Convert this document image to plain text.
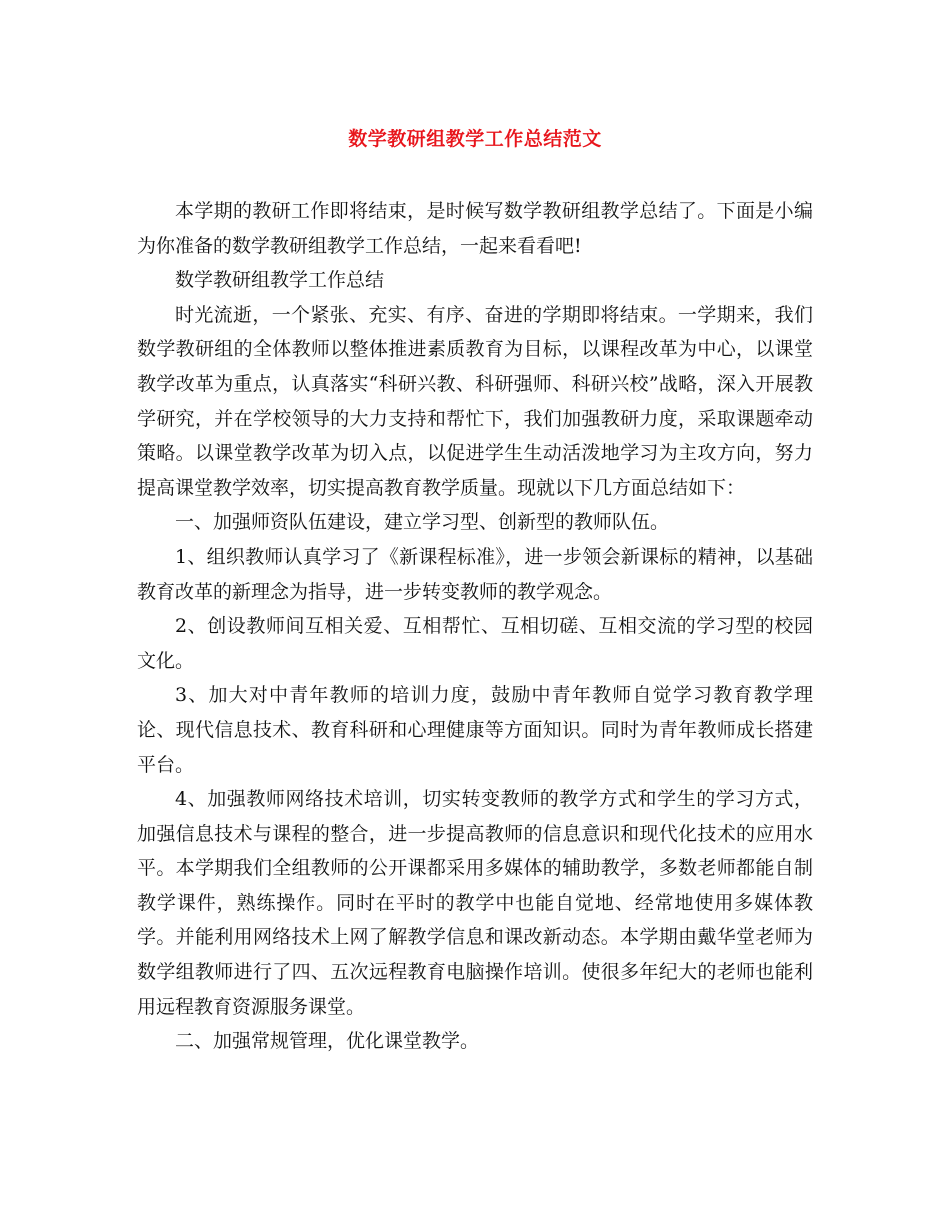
数学教研组教学工作总结范文

本学期的教研工作即将结束，是时候写数学教研组教学总结了。下面是小编为你准备的数学教研组教学工作总结，一起来看看吧!

数学教研组教学工作总结

时光流逝，一个紧张、充实、有序、奋进的学期即将结束。一学期来，我们数学教研组的全体教师以整体推进素质教育为目标，以课程改革为中心，以课堂教学改革为重点，认真落实“科研兴教、科研强师、科研兴校”战略，深入开展教学研究，并在学校领导的大力支持和帮忙下，我们加强教研力度，采取课题牵动策略。以课堂教学改革为切入点，以促进学生生动活泼地学习为主攻方向，努力提高课堂教学效率，切实提高教育教学质量。现就以下几方面总结如下：

一、加强师资队伍建设，建立学习型、创新型的教师队伍。

1、组织教师认真学习了《新课程标准》，进一步领会新课标的精神，以基础教育改革的新理念为指导，进一步转变教师的教学观念。

2、创设教师间互相关爱、互相帮忙、互相切磋、互相交流的学习型的校园文化。

3、加大对中青年教师的培训力度，鼓励中青年教师自觉学习教育教学理论、现代信息技术、教育科研和心理健康等方面知识。同时为青年教师成长搭建平台。

4、加强教师网络技术培训，切实转变教师的教学方式和学生的学习方式，加强信息技术与课程的整合，进一步提高教师的信息意识和现代化技术的应用水平。本学期我们全组教师的公开课都采用多媒体的辅助教学，多数老师都能自制教学课件，熟练操作。同时在平时的教学中也能自觉地、经常地使用多媒体教学。并能利用网络技术上网了解教学信息和课改新动态。本学期由戴华堂老师为数学组教师进行了四、五次远程教育电脑操作培训。使很多年纪大的老师也能利用远程教育资源服务课堂。

二、加强常规管理，优化课堂教学。
